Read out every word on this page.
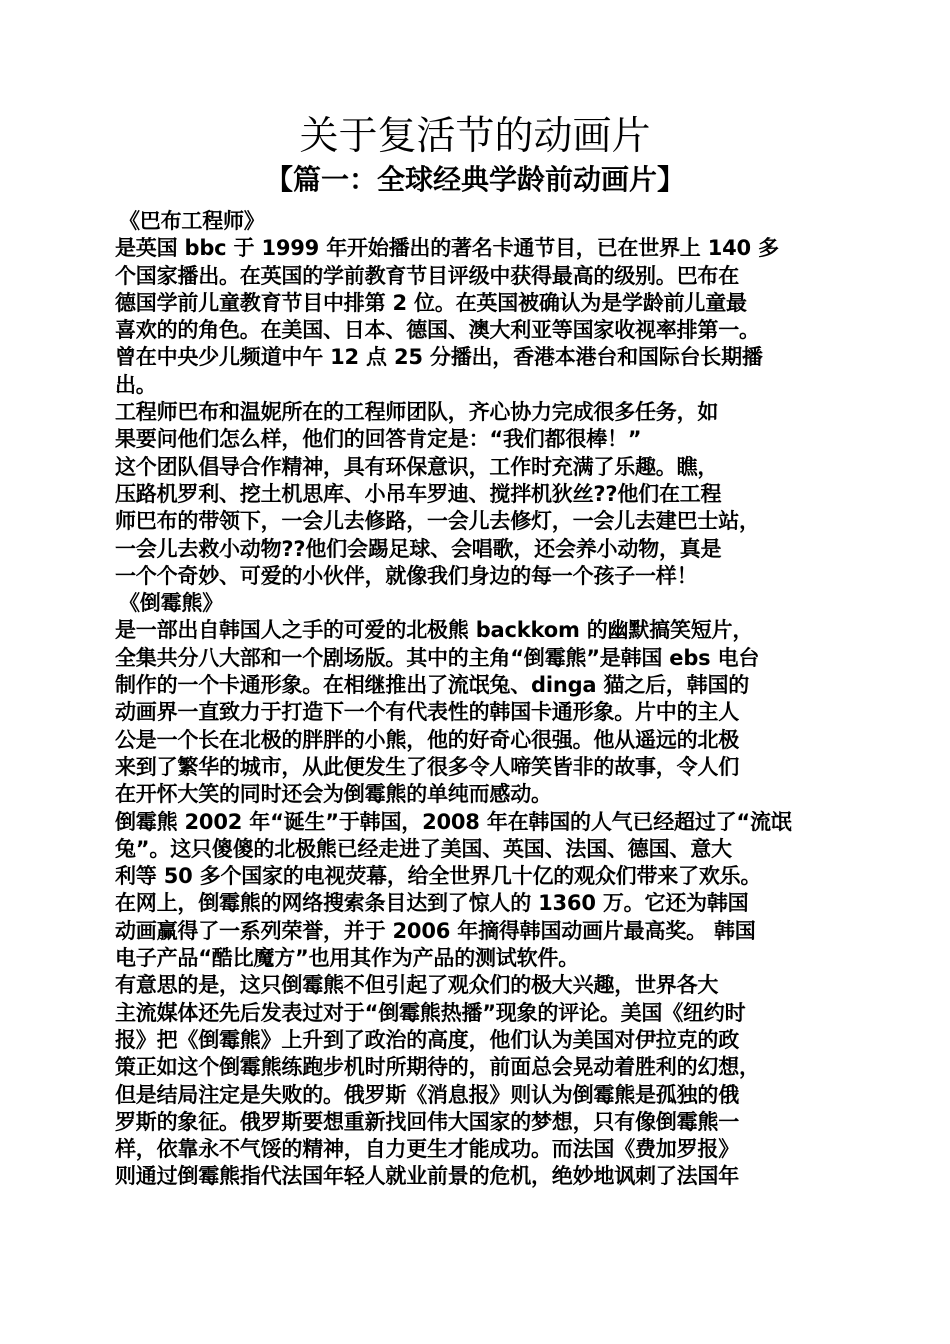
关于复活节的动画片
【篇一：全球经典学龄前动画片】

《巴布工程师》

是英国 bbc 于 1999 年开始播出的著名卡通节目，已在世界上 140 多

个国家播出。在英国的学前教育节目评级中获得最高的级别。巴布在

德国学前儿童教育节目中排第 2 位。在英国被确认为是学龄前儿童最

喜欢的的角色。在美国、日本、德国、澳大利亚等国家收视率排第一。

曾在中央少儿频道中午 12 点 25 分播出，香港本港台和国际台长期播

出。

工程师巴布和温妮所在的工程师团队，齐心协力完成很多任务，如

果要问他们怎么样，他们的回答肯定是：“我们都很棒！”

这个团队倡导合作精神，具有环保意识，工作时充满了乐趣。瞧，

压路机罗利、挖土机思库、小吊车罗迪、搅拌机狄丝??他们在工程

师巴布的带领下，一会儿去修路，一会儿去修灯，一会儿去建巴士站，

一会儿去救小动物??他们会踢足球、会唱歌，还会养小动物，真是

一个个奇妙、可爱的小伙伴，就像我们身边的每一个孩子一样！

《倒霉熊》

是一部出自韩国人之手的可爱的北极熊 backkom 的幽默搞笑短片，

全集共分八大部和一个剧场版。其中的主角“倒霉熊”是韩国 ebs 电台

制作的一个卡通形象。在相继推出了流氓兔、dinga 猫之后，韩国的

动画界一直致力于打造下一个有代表性的韩国卡通形象。片中的主人

公是一个长在北极的胖胖的小熊，他的好奇心很强。他从遥远的北极

来到了繁华的城市，从此便发生了很多令人啼笑皆非的故事，令人们

在开怀大笑的同时还会为倒霉熊的单纯而感动。

倒霉熊 2002 年“诞生”于韩国，2008 年在韩国的人气已经超过了“流氓

兔”。这只傻傻的北极熊已经走进了美国、英国、法国、德国、意大

利等 50 多个国家的电视荧幕，给全世界几十亿的观众们带来了欢乐。

在网上，倒霉熊的网络搜索条目达到了惊人的 1360 万。它还为韩国

动画赢得了一系列荣誉，并于 2006 年摘得韩国动画片最高奖。 韩国

电子产品“酷比魔方”也用其作为产品的测试软件。

有意思的是，这只倒霉熊不但引起了观众们的极大兴趣，世界各大

主流媒体还先后发表过对于“倒霉熊热播”现象的评论。美国《纽约时

报》把《倒霉熊》上升到了政治的高度，他们认为美国对伊拉克的政

策正如这个倒霉熊练跑步机时所期待的，前面总会晃动着胜利的幻想，

但是结局注定是失败的。俄罗斯《消息报》则认为倒霉熊是孤独的俄

罗斯的象征。俄罗斯要想重新找回伟大国家的梦想，只有像倒霉熊一

样，依靠永不气馁的精神，自力更生才能成功。而法国《费加罗报》

则通过倒霉熊指代法国年轻人就业前景的危机，绝妙地讽刺了法国年
